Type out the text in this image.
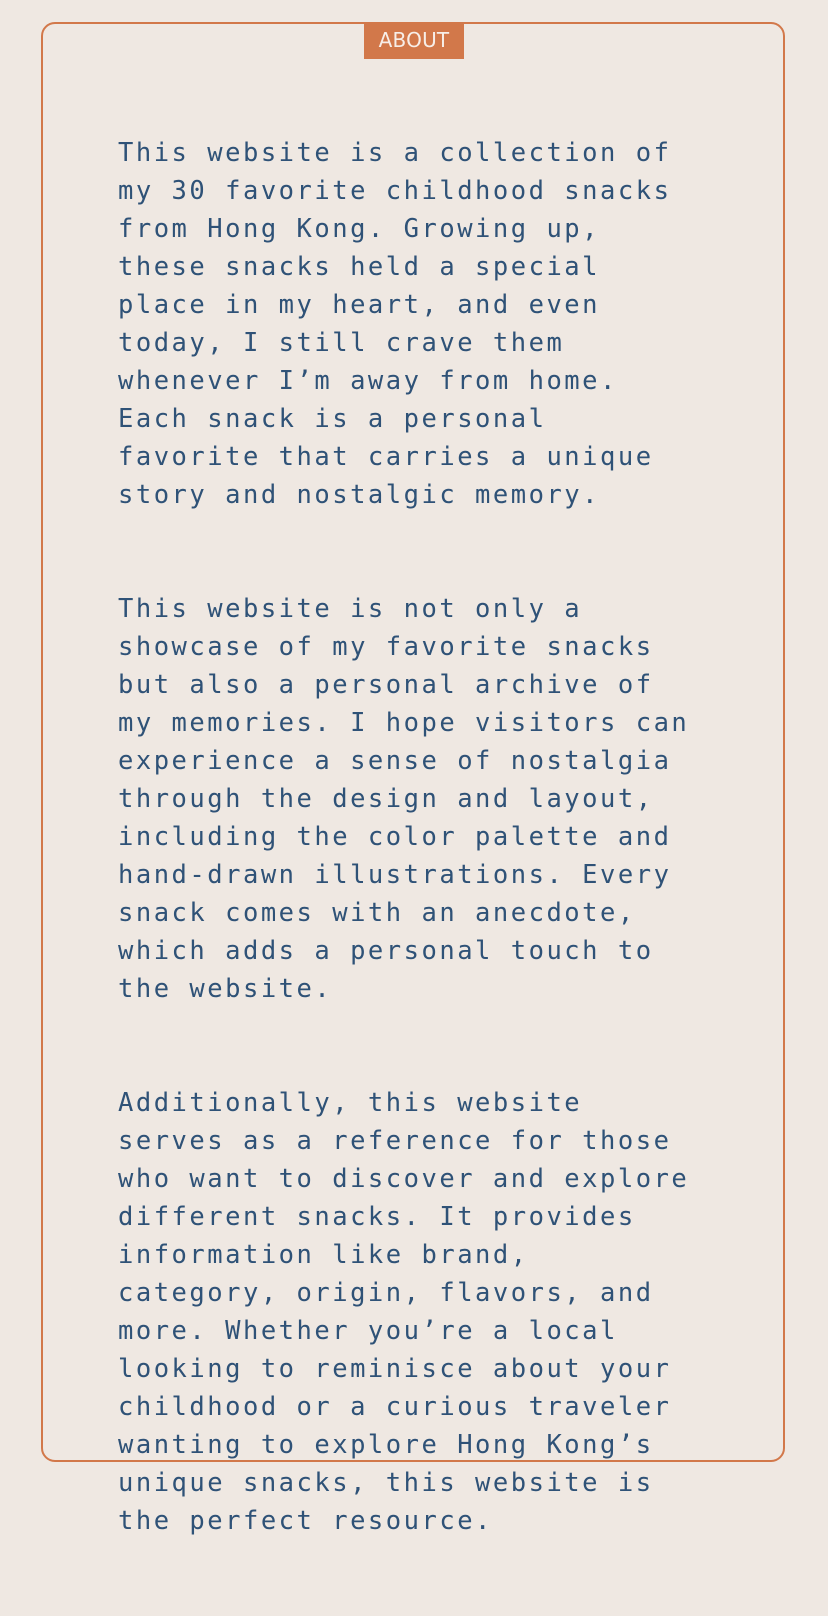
ABOUT

This website is a collection of
my 30 favorite childhood snacks
from Hong Kong. Growing up,
these snacks held a special
place in my heart, and even
today, I still crave them
whenever I’m away from home.
Each snack is a personal
favorite that carries a unique
story and nostalgic memory.

This website is not only a
showcase of my favorite snacks
but also a personal archive of
my memories. I hope visitors can
experience a sense of nostalgia
through the design and layout,
including the color palette and
hand-drawn illustrations. Every
snack comes with an anecdote,
which adds a personal touch to
the website.

Additionally, this website
serves as a reference for those
who want to discover and explore
different snacks. It provides
information like brand,
category, origin, flavors, and
more. Whether you’re a local
looking to reminisce about your
childhood or a curious traveler
wanting to explore Hong Kong’s
unique snacks, this website is
the perfect resource.
